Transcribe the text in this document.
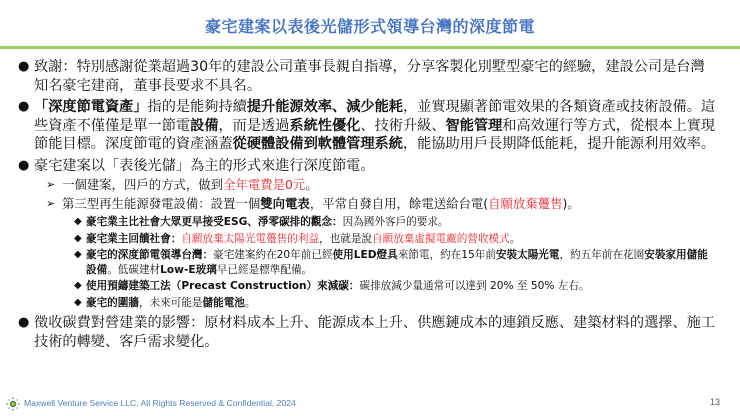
豪宅建案以表後光儲形式領導台灣的深度節電
● 致謝：特別感謝從業超過30年的建設公司董事長親自指導，分享客製化別墅型豪宅的經驗，建設公司是台灣知名豪宅建商，董事長要求不具名。
● 「深度節電資產」指的是能夠持續提升能源效率、減少能耗，並實現顯著節電效果的各類資產或技術設備。這些資產不僅僅是單一節電設備，而是透過系統性優化、技術升級、智能管理和高效運行等方式，從根本上實現節能目標。深度節電的資產涵蓋從硬體設備到軟體管理系統，能協助用戶長期降低能耗，提升能源利用效率。
● 豪宅建案以「表後光儲」為主的形式來進行深度節電。
➢ 一個建案，四戶的方式，做到全年電費是0元。
➢ 第三型再生能源發電設備：設置一個雙向電表，平常自發自用，餘電送給台電(自願放棄躉售)。
◆ 豪宅業主比社會大眾更早接受ESG、淨零碳排的觀念：因為國外客戶的要求。
◆ 豪宅業主回饋社會：自願放棄太陽光電躉售的利益，也就是說自願放棄虛擬電廠的營收模式。
◆ 豪宅的深度節電領導台灣：豪宅建案約在20年前已經使用LED燈具來節電，約在15年前安裝太陽光電，約五年前在花園安裝家用儲能設備。低碳建材Low-E玻璃早已經是標準配備。
◆ 使用預鑄建築工法（Precast Construction）來減碳：碳排放減少量通常可以達到 20% 至 50% 左右。
◆ 豪宅的圍牆，未來可能是儲能電池。
● 徵收碳費對營建業的影響：原材料成本上升、能源成本上升、供應鏈成本的連鎖反應、建築材料的選擇、施工技術的轉變、客戶需求變化。
Maxwell Venture Service LLC, All Rights Reserved & Confidential, 2024	13
